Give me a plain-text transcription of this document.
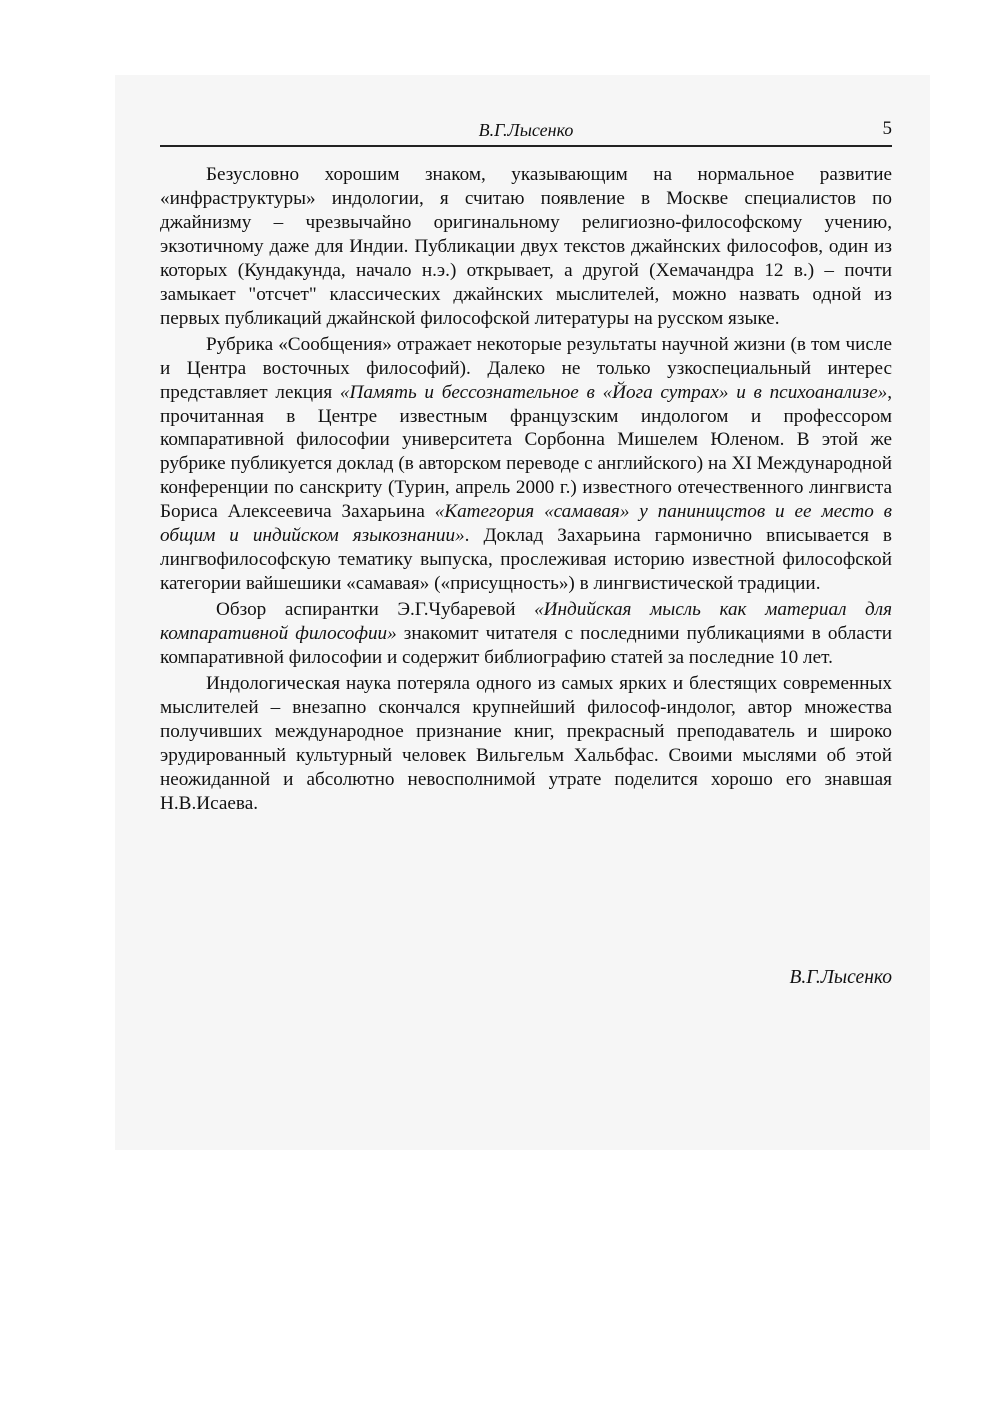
В.Г.Лысенко	5

Безусловно хорошим знаком, указывающим на нормальное развитие «инфраструктуры» индологии, я считаю появление в Москве специалистов по джайнизму – чрезвычайно оригинальному религиозно-философскому учению, экзотичному даже для Индии. Публикации двух текстов джайнских философов, один из которых (Кундакунда, начало н.э.) открывает, а другой (Хемачандра 12 в.) – почти замыкает "отсчет" классических джайнских мыслителей, можно назвать одной из первых публикаций джайнской философской литературы на русском языке.

Рубрика «Сообщения» отражает некоторые результаты научной жизни (в том числе и Центра восточных философий). Далеко не только узкоспециальный интерес представляет лекция «Память и бессознательное в «Йога сутрах» и в психоанализе», прочитанная в Центре известным французским индологом и профессором компаративной философии университета Сорбонна Мишелем Юленом. В этой же рубрике публикуется доклад (в авторском переводе с английского) на XI Международной конференции по санскриту (Турин, апрель 2000 г.) известного отечественного лингвиста Бориса Алексеевича Захарьина «Категория «самавая» у паниницстов и ее место в общим и индийском языкознании». Доклад Захарьина гармонично вписывается в лингвофилософскую тематику выпуска, прослеживая историю известной философской категории вайшешики «самавая» («присущность») в лингвистической традиции.

Обзор аспирантки Э.Г.Чубаревой «Индийская мысль как материал для компаративной философии» знакомит читателя с последними публикациями в области компаративной философии и содержит библиографию статей за последние 10 лет.

Индологическая наука потеряла одного из самых ярких и блестящих современных мыслителей – внезапно скончался крупнейший философ-индолог, автор множества получивших международное признание книг, прекрасный преподаватель и широко эрудированный культурный человек Вильгельм Хальбфас. Своими мыслями об этой неожиданной и абсолютно невосполнимой утрате поделится хорошо его знавшая Н.В.Исаева.

В.Г.Лысенко
